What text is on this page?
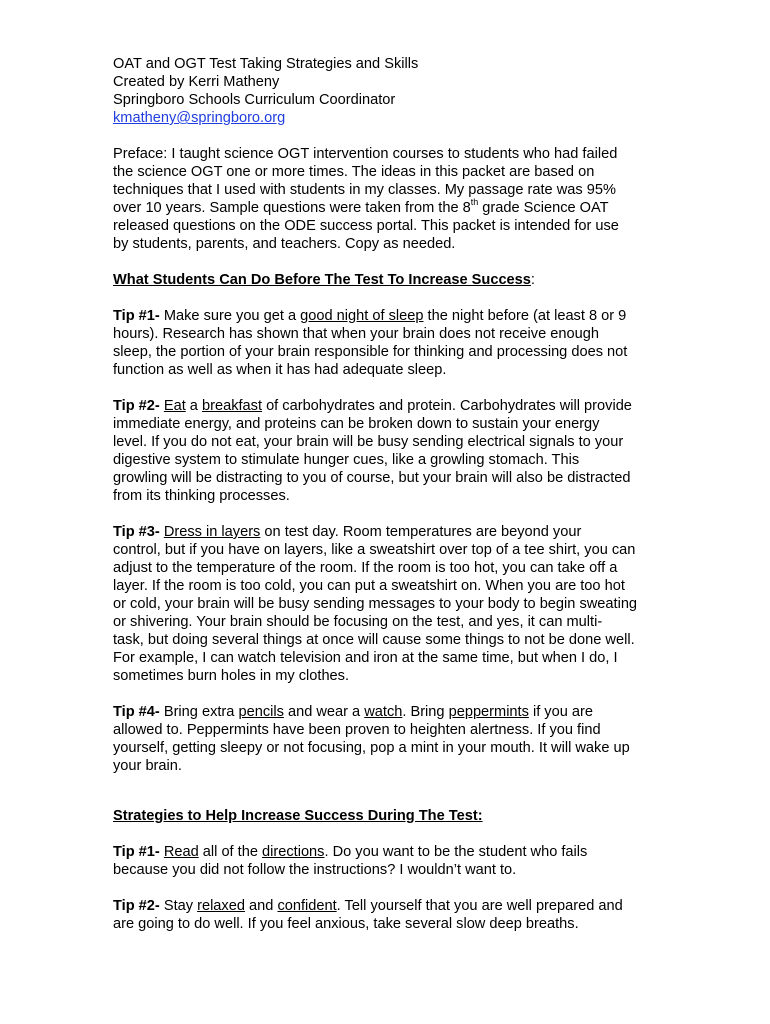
OAT and OGT Test Taking Strategies and Skills
Created by Kerri Matheny
Springboro Schools Curriculum Coordinator
kmatheny@springboro.org
Preface: I taught science OGT intervention courses to students who had failed
the science OGT one or more times. The ideas in this packet are based on
techniques that I used with students in my classes. My passage rate was 95%
over 10 years. Sample questions were taken from the 8th grade Science OAT
released questions on the ODE success portal. This packet is intended for use
by students, parents, and teachers. Copy as needed.
What Students Can Do Before The Test To Increase Success:
Tip #1- Make sure you get a good night of sleep the night before (at least 8 or 9
hours). Research has shown that when your brain does not receive enough
sleep, the portion of your brain responsible for thinking and processing does not
function as well as when it has had adequate sleep.
Tip #2- Eat a breakfast of carbohydrates and protein. Carbohydrates will provide
immediate energy, and proteins can be broken down to sustain your energy
level. If you do not eat, your brain will be busy sending electrical signals to your
digestive system to stimulate hunger cues, like a growling stomach. This
growling will be distracting to you of course, but your brain will also be distracted
from its thinking processes.
Tip #3- Dress in layers on test day. Room temperatures are beyond your
control, but if you have on layers, like a sweatshirt over top of a tee shirt, you can
adjust to the temperature of the room. If the room is too hot, you can take off a
layer. If the room is too cold, you can put a sweatshirt on. When you are too hot
or cold, your brain will be busy sending messages to your body to begin sweating
or shivering. Your brain should be focusing on the test, and yes, it can multi-
task, but doing several things at once will cause some things to not be done well.
For example, I can watch television and iron at the same time, but when I do, I
sometimes burn holes in my clothes.
Tip #4- Bring extra pencils and wear a watch. Bring peppermints if you are
allowed to. Peppermints have been proven to heighten alertness. If you find
yourself, getting sleepy or not focusing, pop a mint in your mouth. It will wake up
your brain.
Strategies to Help Increase Success During The Test:
Tip #1- Read all of the directions. Do you want to be the student who fails
because you did not follow the instructions? I wouldn’t want to.
Tip #2- Stay relaxed and confident. Tell yourself that you are well prepared and
are going to do well. If you feel anxious, take several slow deep breaths.
